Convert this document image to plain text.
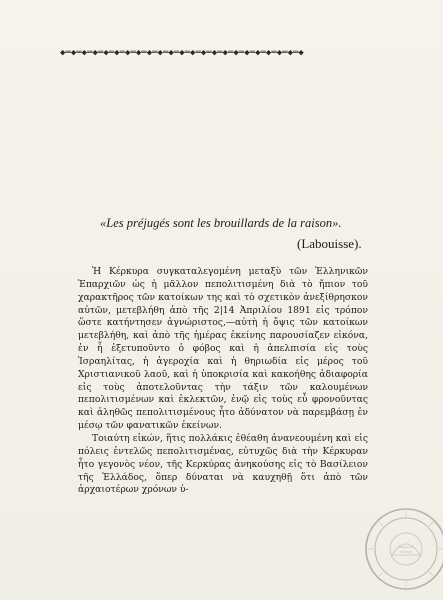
◆═◆═◆═◆═◆═◆═◆═◆═◆═◆═◆═◆═◆═◆═◆═◆═◆═◆═◆═◆═◆═◆═◆
«Les préjugés sont les brouillards de la raison».
(Labouisse).

Ἡ Κέρκυρα συγκαταλεγομένη μεταξὺ τῶν Ἑλληνικῶν Ἐπαρχιῶν ὡς ἡ μᾶλλον πεπολιτισμένη διὰ τὸ ἤπιον τοῦ χαρακτῆρος τῶν κατοίκων της καὶ τὸ σχετικὸν ἀνεξίθρησκον αὐτῶν, μετεβλήθη ἀπὸ τῆς 2|14 Ἀπριλίου 1891 εἰς τρόπον ὥστε κατήντησεν ἀγνώριστος,—αὐτὴ ἡ ὄψις τῶν κατοίκων μετεβλήθη, καὶ ἀπὸ τῆς ἡμέρας ἐκείνης παρουσίαζεν εἰκόνα, ἐν ἧ ἐξετυποῦντο ὁ φόβος καὶ ἡ ἀπελπισία εἰς τοὺς Ἰσραηλίτας, ἡ ἀγεροχία καὶ ἡ θηριωδία εἰς μέρος τοῦ Χριστιανικοῦ λαοῦ, καὶ ἡ ὑποκρισία καὶ κακοήθης ἀδιαφορία εἰς τοὺς ἀποτελοῦντας τὴν τάξιν τῶν καλουμένων πεπολιτισμένων καὶ ἐκλεκτῶν, ἐνῷ εἰς τοὺς εὖ φρονοῦντας καὶ ἀληθῶς πεπολιτισμένους ἦτο ἀδύνατον νὰ παρεμβάσῃ ἐν μέσῳ τῶν φανατικῶν ἐκείνων.

Τοιαύτη εἰκών, ἥτις πολλάκις ἐθέαθη ἀνανεουμένη καὶ εἰς πόλεις ἐντελῶς πεπολιτισμένας, εὐτυχῶς διὰ τὴν Κέρκυραν ἦτο γεγονὸς νέον, τῆς Κερκύρας ἀνηκούσης εἰς τὸ Βασίλειον τῆς Ἑλλάδος, ὅπερ δύναται νὰ καυχηθῇ ὅτι ἀπὸ τῶν ἀρχαιοτέρων χρόνων ὑ-
